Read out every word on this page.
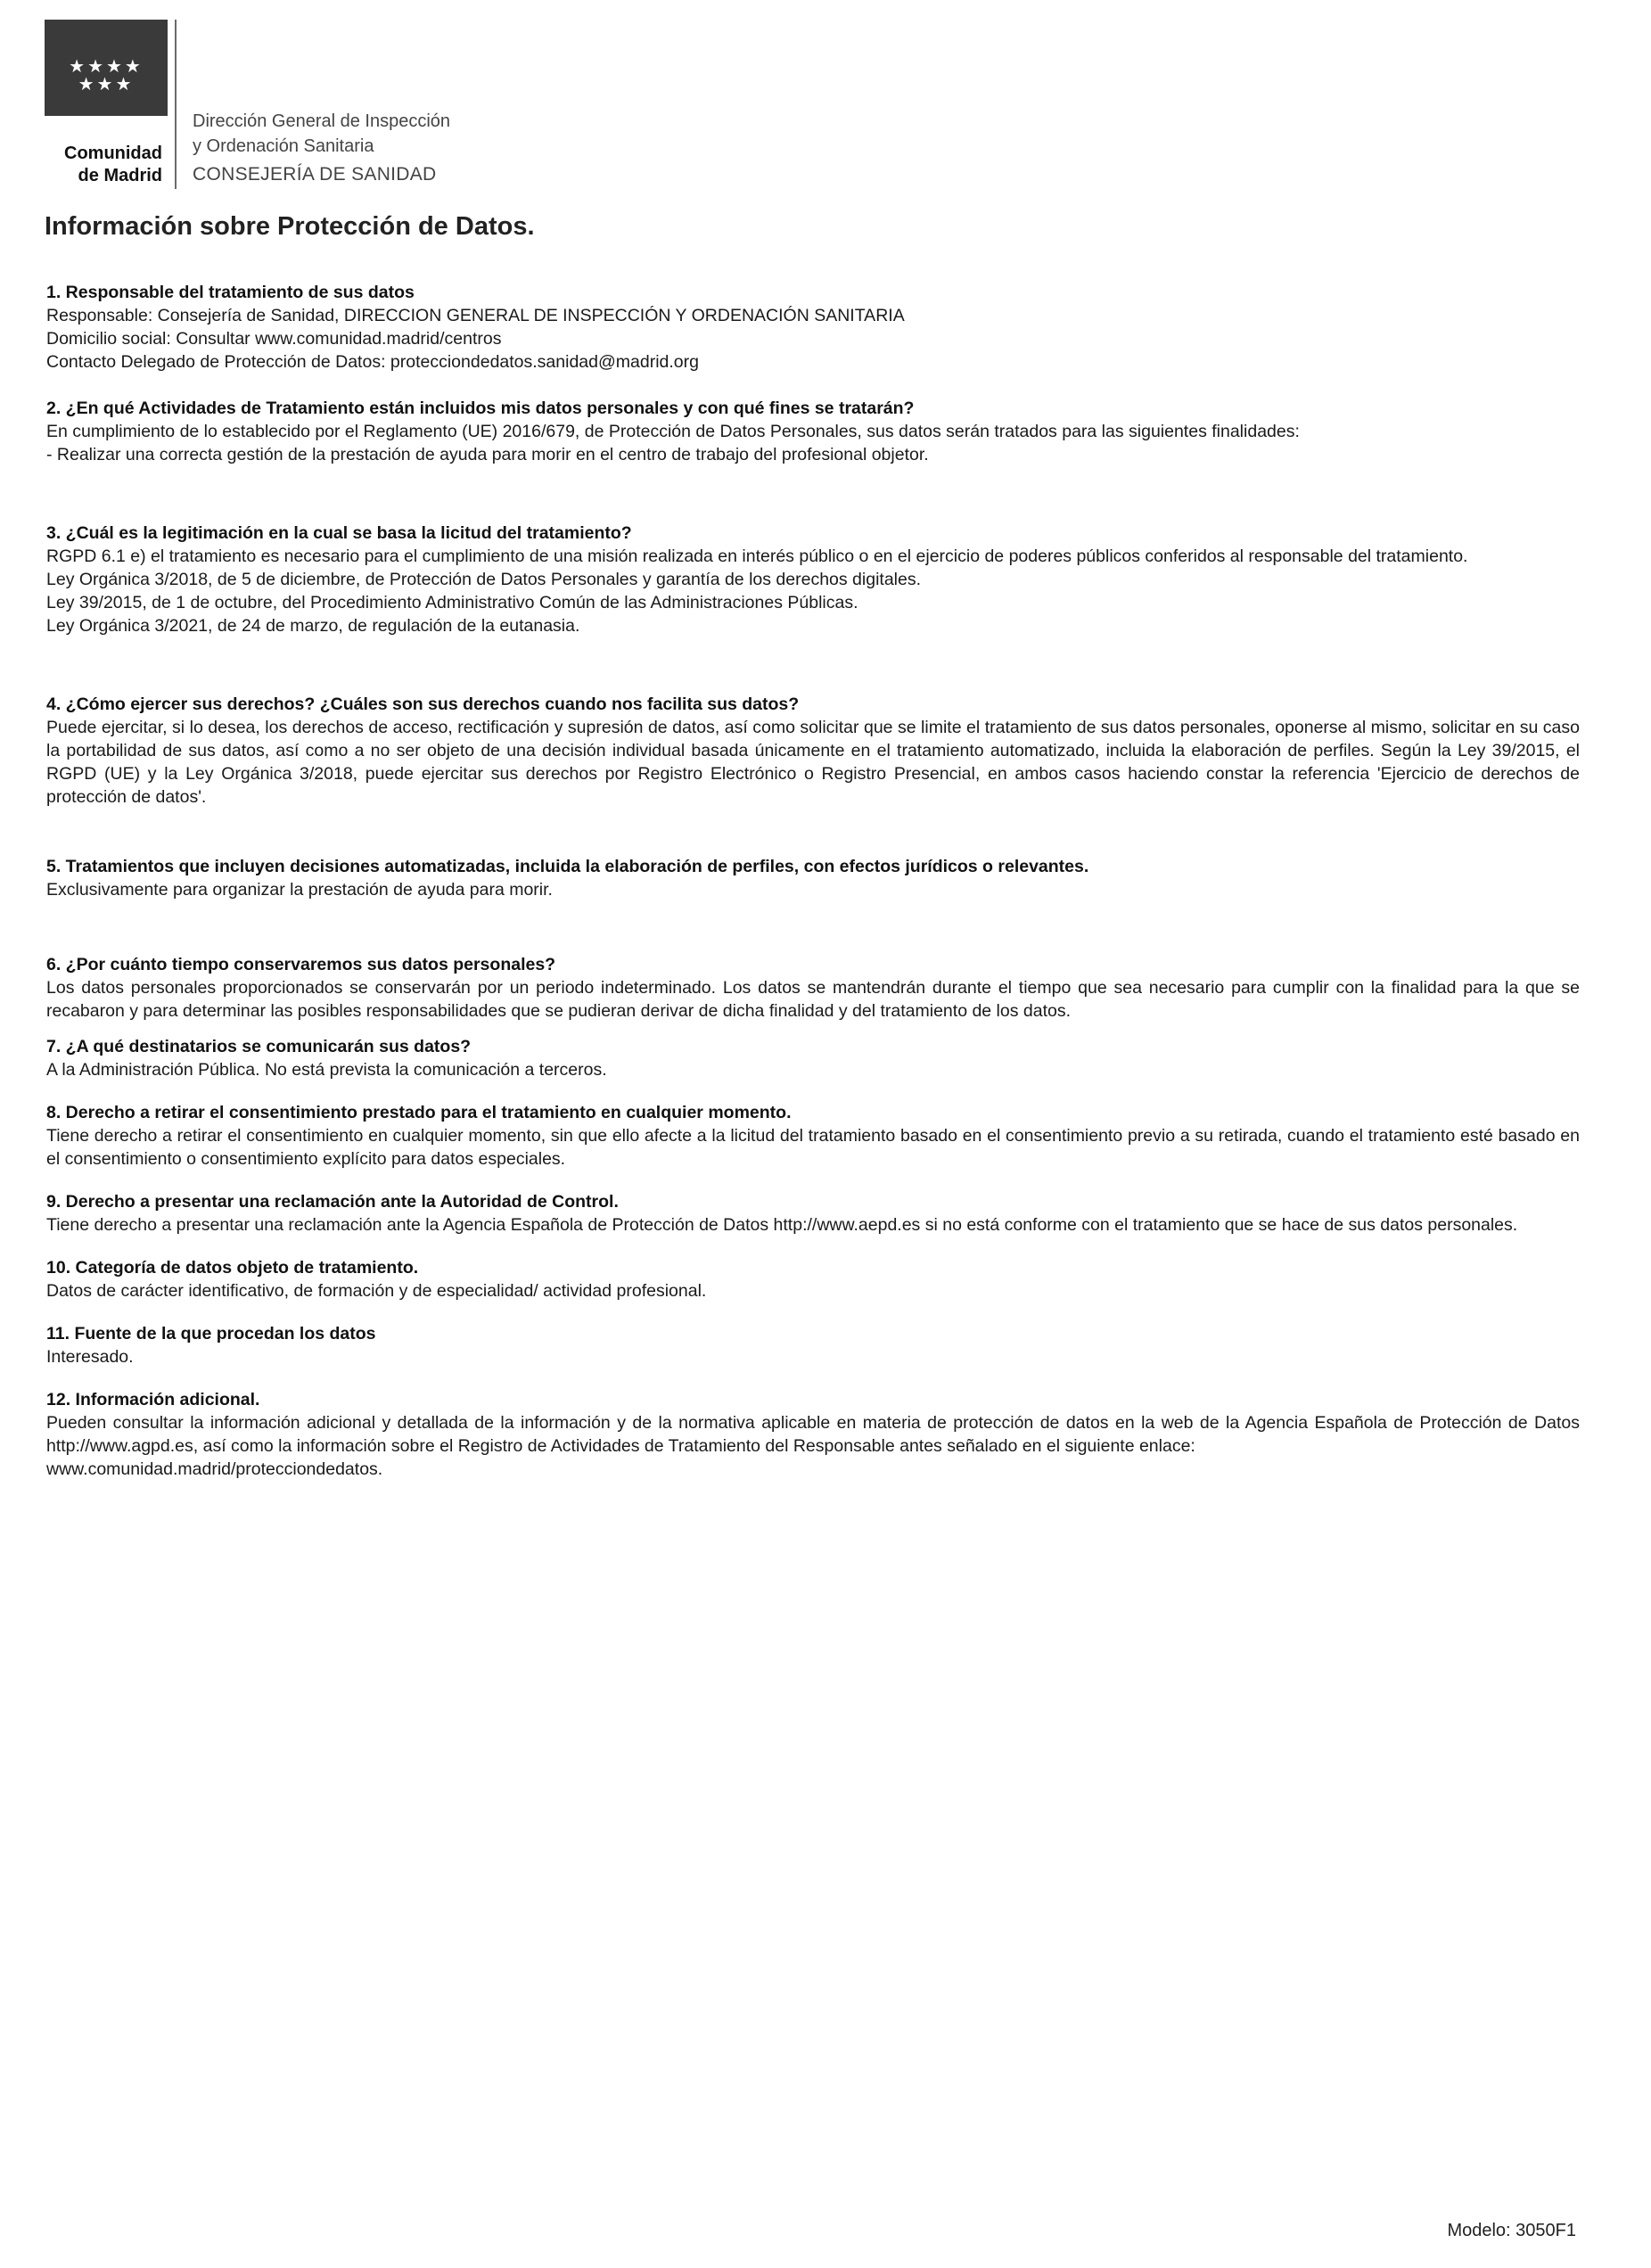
★★★★
★★★
Comunidad
de Madrid
Dirección General de Inspección
y Ordenación Sanitaria
CONSEJERÍA DE SANIDAD
Información sobre Protección de Datos.
1. Responsable del tratamiento de sus datos

Responsable: Consejería de Sanidad, DIRECCION GENERAL DE INSPECCIÓN Y ORDENACIÓN SANITARIA

Domicilio social: Consultar www.comunidad.madrid/centros

Contacto Delegado de Protección de Datos: protecciondedatos.sanidad@madrid.org

2. ¿En qué Actividades de Tratamiento están incluidos mis datos personales y con qué fines se tratarán?

En cumplimiento de lo establecido por el Reglamento (UE) 2016/679, de Protección de Datos Personales, sus datos serán tratados para las siguientes finalidades:

- Realizar una correcta gestión de la prestación de ayuda para morir en el centro de trabajo del profesional objetor.

3. ¿Cuál es la legitimación en la cual se basa la licitud del tratamiento?

RGPD 6.1 e) el tratamiento es necesario para el cumplimiento de una misión realizada en interés público o en el ejercicio de poderes públicos conferidos al responsable del tratamiento.

Ley Orgánica 3/2018, de 5 de diciembre, de Protección de Datos Personales y garantía de los derechos digitales.

Ley 39/2015, de 1 de octubre, del Procedimiento Administrativo Común de las Administraciones Públicas.

Ley Orgánica 3/2021, de 24 de marzo, de regulación de la eutanasia.

4. ¿Cómo ejercer sus derechos? ¿Cuáles son sus derechos cuando nos facilita sus datos?

Puede ejercitar, si lo desea, los derechos de acceso, rectificación y supresión de datos, así como solicitar que se limite el tratamiento de sus datos personales, oponerse al mismo, solicitar en su caso la portabilidad de sus datos, así como a no ser objeto de una decisión individual basada únicamente en el tratamiento automatizado, incluida la elaboración de perfiles. Según la Ley 39/2015, el RGPD (UE) y la Ley Orgánica 3/2018, puede ejercitar sus derechos por Registro Electrónico o Registro Presencial, en ambos casos haciendo constar la referencia 'Ejercicio de derechos de protección de datos'.

5. Tratamientos que incluyen decisiones automatizadas, incluida la elaboración de perfiles, con efectos jurídicos o relevantes.

Exclusivamente para organizar la prestación de ayuda para morir.

6. ¿Por cuánto tiempo conservaremos sus datos personales?

Los datos personales proporcionados se conservarán por un periodo indeterminado. Los datos se mantendrán durante el tiempo que sea necesario para cumplir con la finalidad para la que se recabaron y para determinar las posibles responsabilidades que se pudieran derivar de dicha finalidad y del tratamiento de los datos.

7. ¿A qué destinatarios se comunicarán sus datos?

A la Administración Pública. No está prevista la comunicación a terceros.

8. Derecho a retirar el consentimiento prestado para el tratamiento en cualquier momento.

Tiene derecho a retirar el consentimiento en cualquier momento, sin que ello afecte a la licitud del tratamiento basado en el consentimiento previo a su retirada, cuando el tratamiento esté basado en el consentimiento o consentimiento explícito para datos especiales.

9. Derecho a presentar una reclamación ante la Autoridad de Control.

Tiene derecho a presentar una reclamación ante la Agencia Española de Protección de Datos http://www.aepd.es si no está conforme con el tratamiento que se hace de sus datos personales.

10. Categoría de datos objeto de tratamiento.

Datos de carácter identificativo, de formación y de especialidad/ actividad profesional.

11. Fuente de la que procedan los datos

Interesado.

12. Información adicional.

Pueden consultar la información adicional y detallada de la información y de la normativa aplicable en materia de protección de datos en la web de la Agencia Española de Protección de Datos http://www.agpd.es, así como la información sobre el Registro de Actividades de Tratamiento del Responsable antes señalado en el siguiente enlace:

www.comunidad.madrid/protecciondedatos.

Modelo: 3050F1
